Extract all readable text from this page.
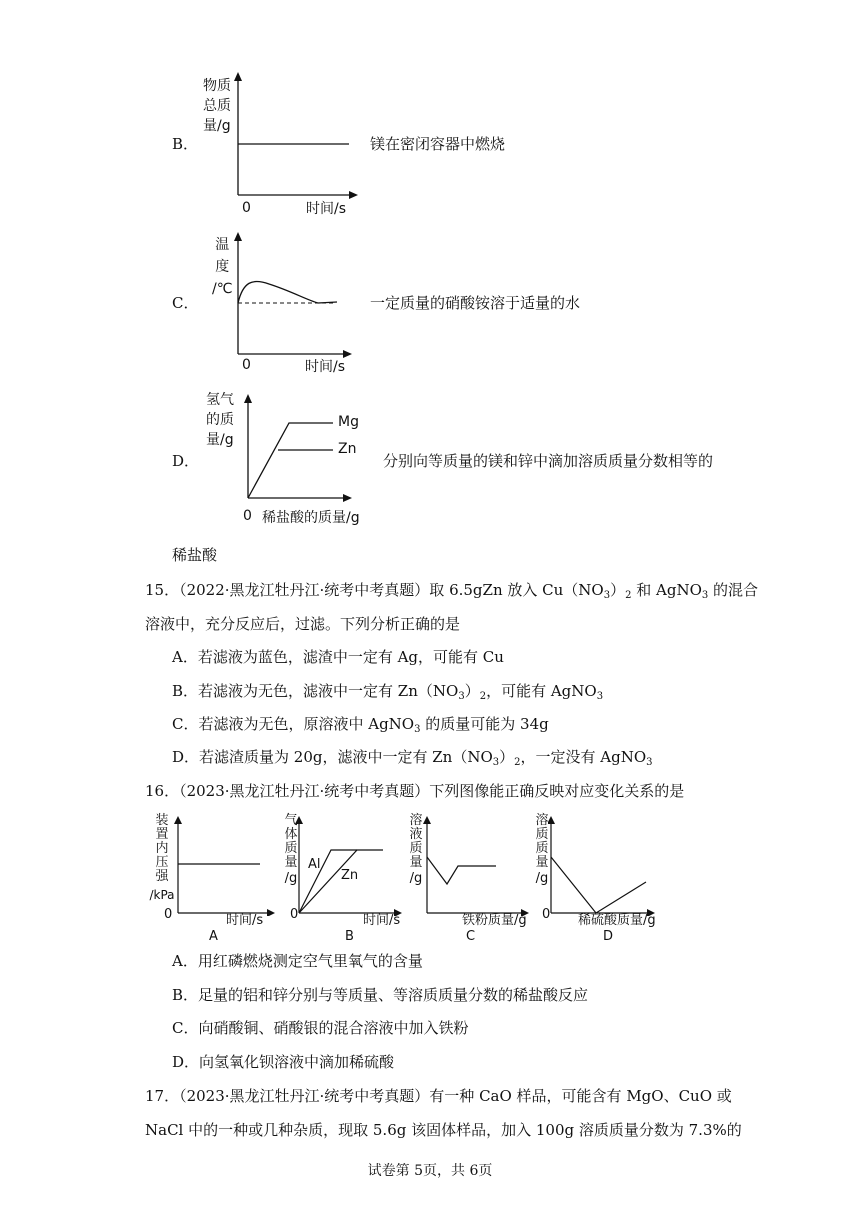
B．
物质
总质
量/g
0	时间/s
镁在密闭容器中燃烧
C．
温
度
/℃
0	时间/s
一定质量的硝酸铵溶于适量的水
D．
氢气
的质
量/g
Mg
Zn
0 稀盐酸的质量/g
分别向等质量的镁和锌中滴加溶质质量分数相等的
稀盐酸
15．（2022·黑龙江牡丹江·统考中考真题）取 6.5gZn 放入 $Cu(NO_3)_2$ 和 AgNO$_3$ 的混合
溶液中，充分反应后，过滤。下列分析正确的是
A．若滤液为蓝色，滤渣中一定有 Ag，可能有 Cu
B．若滤液为无色，滤液中一定有 $Zn(NO_3)_2$，可能有 AgNO$_3$
C．若滤液为无色，原溶液中 AgNO$_3$ 的质量可能为 34g
D．若滤渣质量为 20g，滤液中一定有 $Zn(NO_3)_2$，一定没有 AgNO$_3$
16．（2023·黑龙江牡丹江·统考中考真题）下列图像能正确反映对应变化关系的是
装
置
内
压
强
/kPa
0	时间/s
A
气
体
质
量
/g
Al
Zn
0	时间/s
B
溶
液
质
量
/g
铁粉质量/g
C
溶
质
质
量
/g
0 稀硫酸质量/g
D
A．用红磷燃烧测定空气里氧气的含量
B．足量的铝和锌分别与等质量、等溶质质量分数的稀盐酸反应
C．向硝酸铜、硝酸银的混合溶液中加入铁粉
D．向氢氧化钡溶液中滴加稀硫酸
17．（2023·黑龙江牡丹江·统考中考真题）有一种 CaO 样品，可能含有 MgO、CuO 或
NaCl 中的一种或几种杂质，现取 5.6g 该固体样品，加入 100g 溶质质量分数为 7.3%的
试卷第 5页，共 6页
